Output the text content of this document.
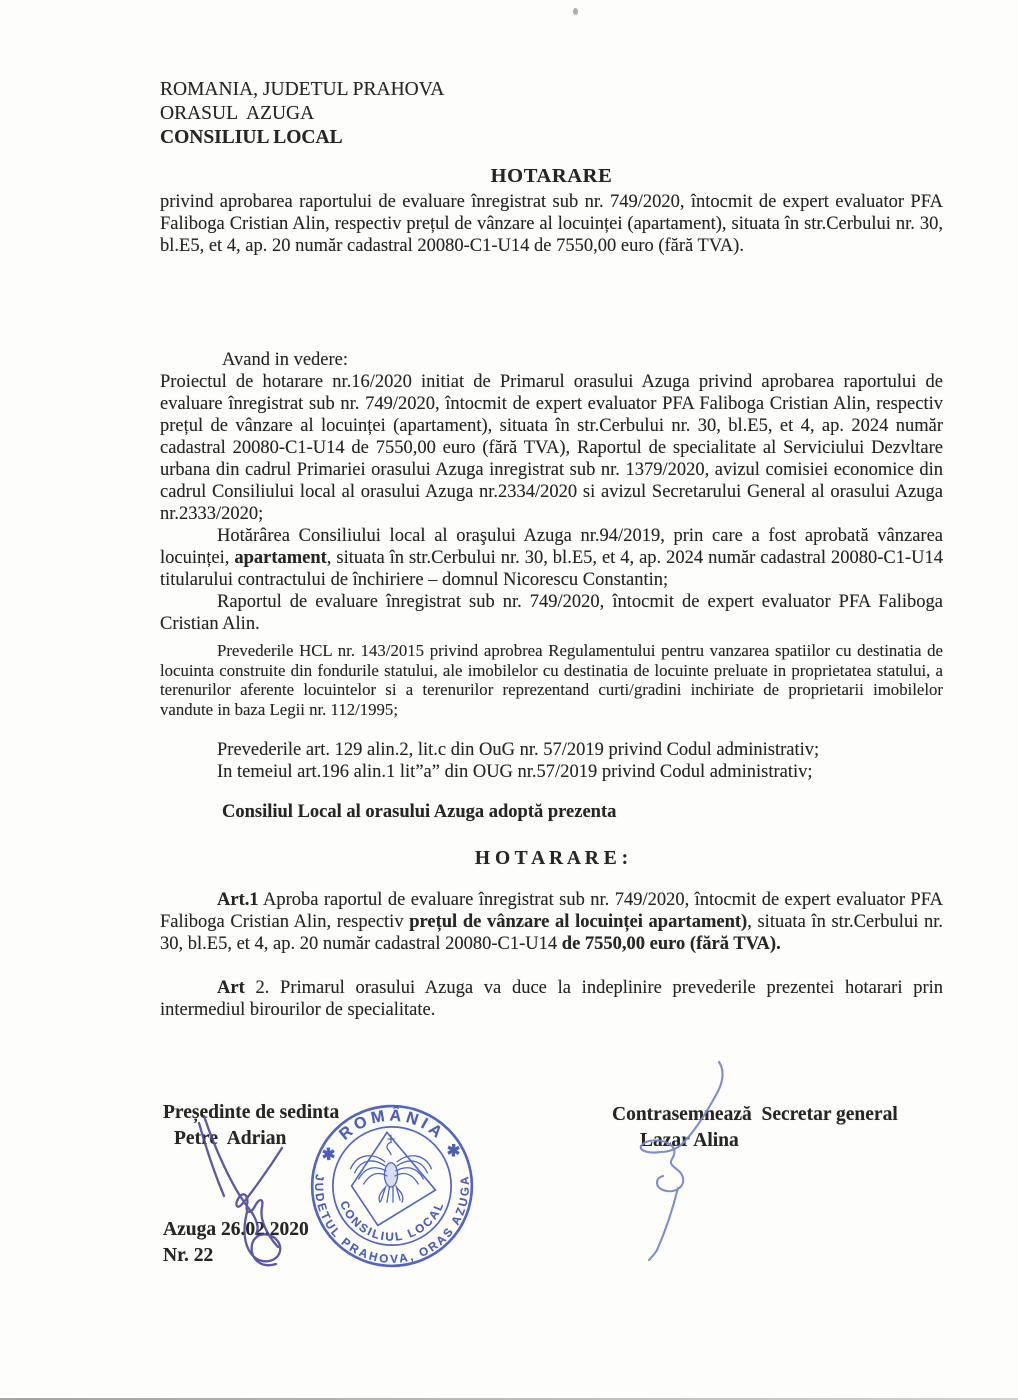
ROMANIA, JUDETUL PRAHOVA
ORASUL  AZUGA
CONSILIUL LOCAL
HOTARARE
privind aprobarea raportului de evaluare înregistrat sub nr. 749/2020, întocmit de expert evaluator PFA Faliboga Cristian Alin, respectiv prețul de vânzare al locuinței (apartament), situata în str.Cerbului nr. 30, bl.E5, et 4, ap. 20 număr cadastral 20080-C1-U14 de 7550,00 euro (fără TVA).
Avand in vedere:
Proiectul de hotarare nr.16/2020 initiat de Primarul orasului Azuga privind aprobarea raportului de evaluare înregistrat sub nr. 749/2020, întocmit de expert evaluator PFA Faliboga Cristian Alin, respectiv prețul de vânzare al locuinței (apartament), situata în str.Cerbului nr. 30, bl.E5, et 4, ap. 2024 număr cadastral 20080-C1-U14 de 7550,00 euro (fără TVA), Raportul de specialitate al Serviciului Dezvltare urbana din cadrul Primariei orasului Azuga inregistrat sub nr. 1379/2020, avizul comisiei economice din cadrul Consiliului local al orasului Azuga nr.2334/2020 si avizul Secretarului General al orasului Azuga nr.2333/2020;
Hotărârea Consiliului local al oraşului Azuga nr.94/2019, prin care a fost aprobată vânzarea locuinței, apartament, situata în str.Cerbului nr. 30, bl.E5, et 4, ap. 2024 număr cadastral 20080-C1-U14 titularului contractului de închiriere – domnul Nicorescu Constantin;
Raportul de evaluare înregistrat sub nr. 749/2020, întocmit de expert evaluator PFA Faliboga Cristian Alin.
Prevederile HCL nr. 143/2015 privind aprobrea Regulamentului pentru vanzarea spatiilor cu destinatia de locuinta construite din fondurile statului, ale imobilelor cu destinatia de locuinte preluate in proprietatea statului, a terenurilor aferente locuintelor si a terenurilor reprezentand curti/gradini inchiriate de proprietarii imobilelor vandute in baza Legii nr. 112/1995;
Prevederile art. 129 alin.2, lit.c din OuG nr. 57/2019 privind Codul administrativ;
In temeiul art.196 alin.1 lit”a” din OUG nr.57/2019 privind Codul administrativ;
Consiliul Local al orasului Azuga adoptă prezenta
H O T A R A R E :
Art.1 Aproba raportul de evaluare înregistrat sub nr. 749/2020, întocmit de expert evaluator PFA Faliboga Cristian Alin, respectiv prețul de vânzare al locuinței apartament), situata în str.Cerbului nr. 30, bl.E5, et 4, ap. 20 număr cadastral 20080-C1-U14 de 7550,00 euro (fără TVA).
Art 2. Primarul orasului Azuga va duce la indeplinire prevederile prezentei hotarari prin intermediul birourilor de specialitate.
Președinte de sedinta
Petre  Adrian
Azuga 26.02.2020
Nr. 22
Contrasemnează  Secretar general
Lazar Alina
✱ ROMÂNIA ✱
JUDETUL PRAHOVA, ORAS AZUGA
CONSILIUL LOCAL
